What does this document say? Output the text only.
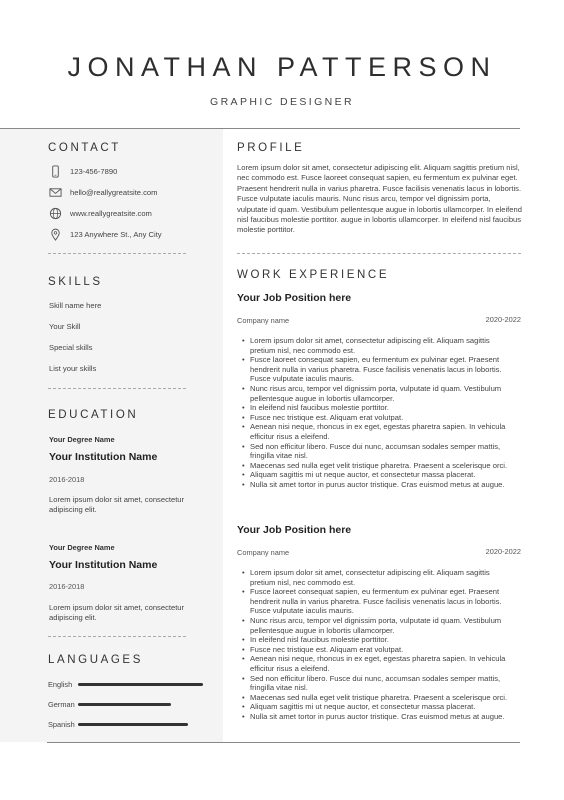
JONATHAN PATTERSON
GRAPHIC DESIGNER
CONTACT
123-456-7890
hello@reallygreatsite.com
www.reallygreatsite.com
123 Anywhere St., Any City
SKILLS
Skill name here
Your Skill
Special skills
List your skills
EDUCATION
Your Degree Name
Your Institution Name
2016-2018
Lorem ipsum dolor sit amet, consectetur adipiscing elit.
Your Degree Name
Your Institution Name
2016-2018
Lorem ipsum dolor sit amet, consectetur adipiscing elit.
LANGUAGES
English
German
Spanish
PROFILE
Lorem ipsum dolor sit amet, consectetur adipiscing elit. Aliquam sagittis pretium nisl, nec commodo est. Fusce laoreet consequat sapien, eu fermentum ex pulvinar eget. Praesent hendrerit nulla in varius pharetra. Fusce facilisis venenatis lacus in lobortis. Fusce vulputate iaculis mauris. Nunc risus arcu, tempor vel dignissim porta, vulputate id quam. Vestibulum pellentesque augue in lobortis ullamcorper. In eleifend nisl faucibus molestie porttitor. augue in lobortis ullamcorper. In eleifend nisl faucibus molestie porttitor.
WORK EXPERIENCE
Your Job Position here
Company name	2020-2022
• Lorem ipsum dolor sit amet, consectetur adipiscing elit. Aliquam sagittis pretium nisl, nec commodo est.
• Fusce laoreet consequat sapien, eu fermentum ex pulvinar eget. Praesent hendrerit nulla in varius pharetra. Fusce facilisis venenatis lacus in lobortis. Fusce vulputate iaculis mauris.
• Nunc risus arcu, tempor vel dignissim porta, vulputate id quam. Vestibulum pellentesque augue in lobortis ullamcorper.
• In eleifend nisl faucibus molestie porttitor.
• Fusce nec tristique est. Aliquam erat volutpat.
• Aenean nisi neque, rhoncus in ex eget, egestas pharetra sapien. In vehicula efficitur risus a eleifend.
• Sed non efficitur libero. Fusce dui nunc, accumsan sodales semper mattis, fringilla vitae nisl.
• Maecenas sed nulla eget velit tristique pharetra. Praesent a scelerisque orci.
• Aliquam sagittis mi ut neque auctor, et consectetur massa placerat.
• Nulla sit amet tortor in purus auctor tristique. Cras euismod metus at augue.
Your Job Position here
Company name	2020-2022
• Lorem ipsum dolor sit amet, consectetur adipiscing elit. Aliquam sagittis pretium nisl, nec commodo est.
• Fusce laoreet consequat sapien, eu fermentum ex pulvinar eget. Praesent hendrerit nulla in varius pharetra. Fusce facilisis venenatis lacus in lobortis. Fusce vulputate iaculis mauris.
• Nunc risus arcu, tempor vel dignissim porta, vulputate id quam. Vestibulum pellentesque augue in lobortis ullamcorper.
• In eleifend nisl faucibus molestie porttitor.
• Fusce nec tristique est. Aliquam erat volutpat.
• Aenean nisi neque, rhoncus in ex eget, egestas pharetra sapien. In vehicula efficitur risus a eleifend.
• Sed non efficitur libero. Fusce dui nunc, accumsan sodales semper mattis, fringilla vitae nisl.
• Maecenas sed nulla eget velit tristique pharetra. Praesent a scelerisque orci.
• Aliquam sagittis mi ut neque auctor, et consectetur massa placerat.
• Nulla sit amet tortor in purus auctor tristique. Cras euismod metus at augue.
